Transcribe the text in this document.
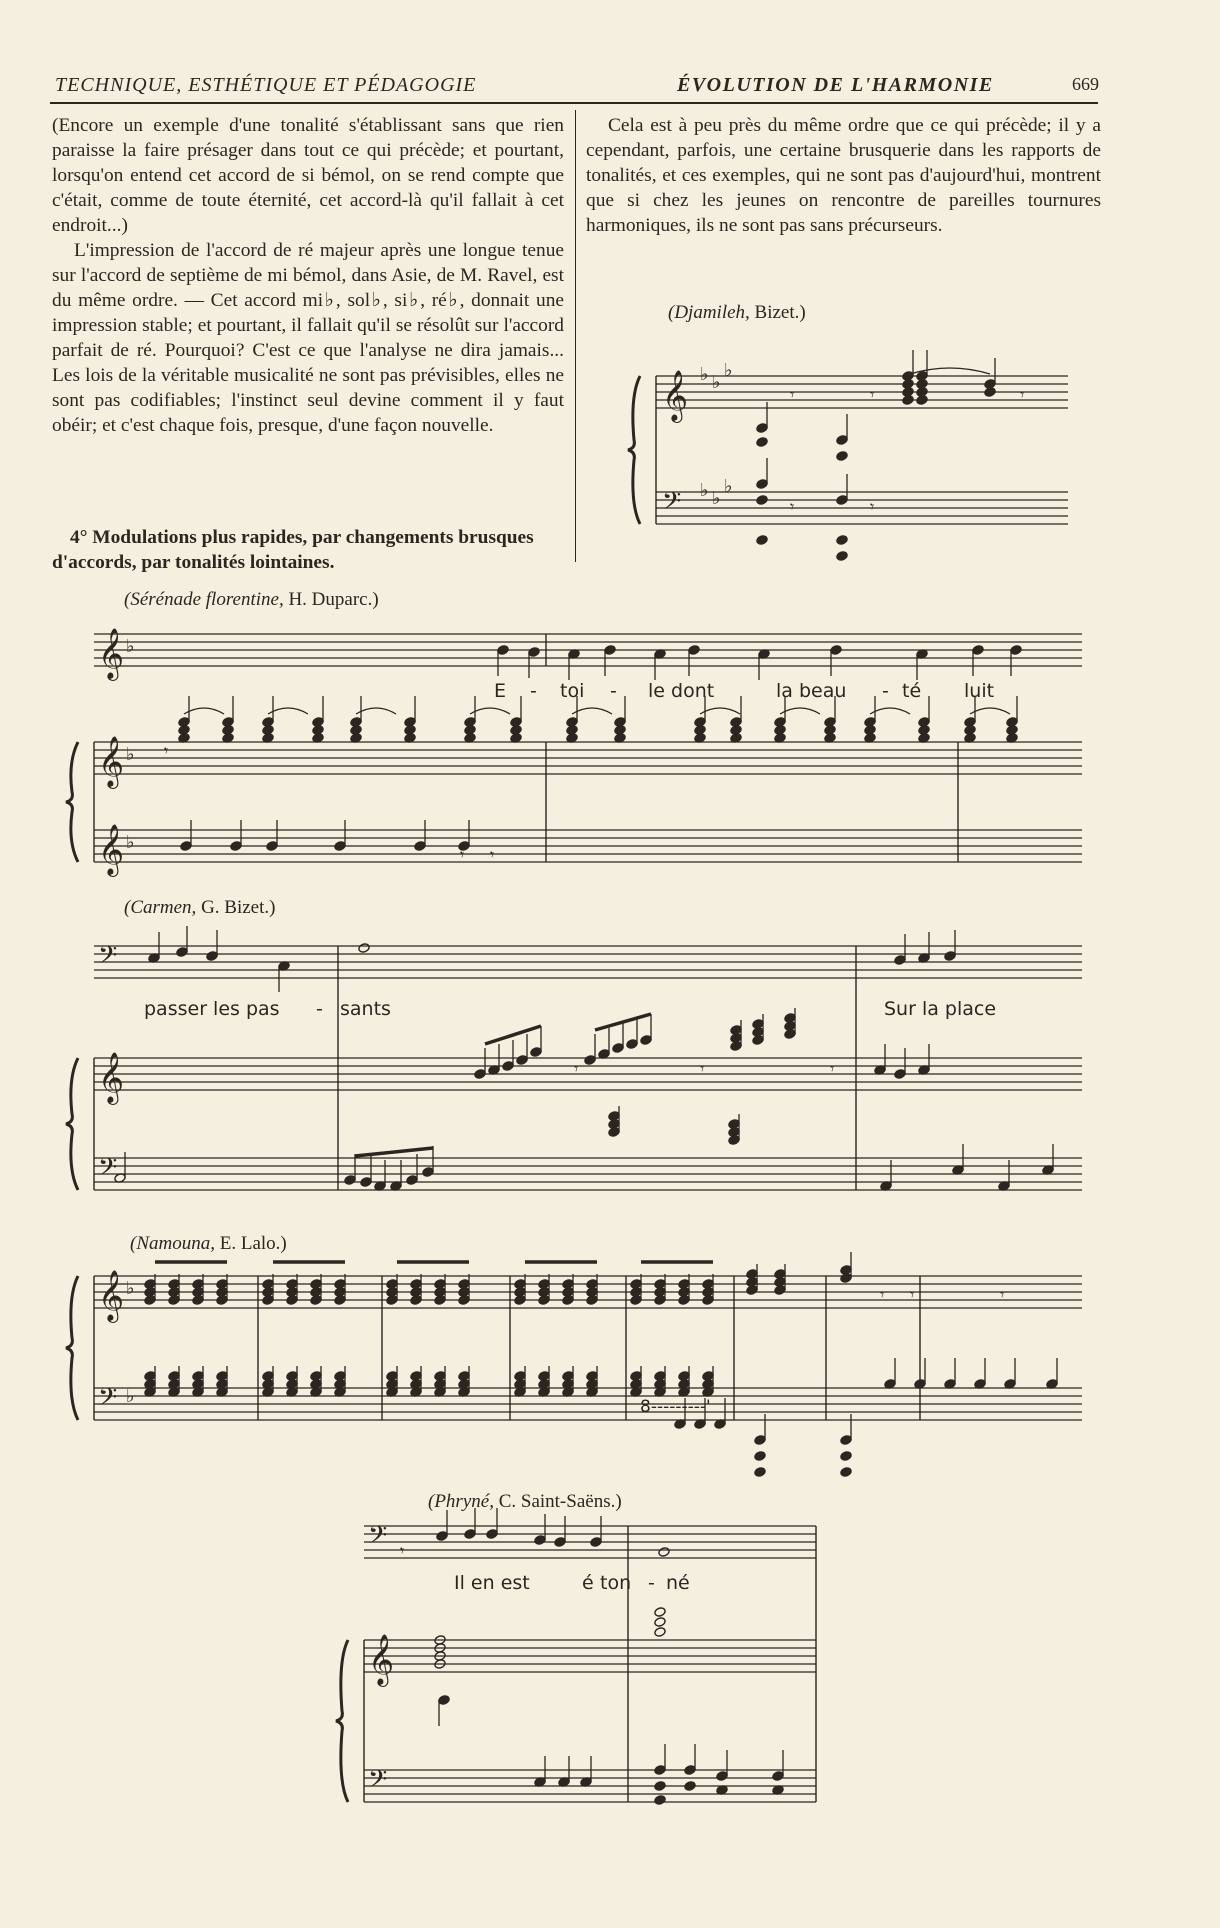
TECHNIQUE, ESTHÉTIQUE ET PÉDAGOGIE	ÉVOLUTION DE L'HARMONIE	669

(Encore un exemple d'une tonalité s'établissant sans que rien paraisse la faire présager dans tout ce qui précède; et pourtant, lorsqu'on entend cet accord de si bémol, on se rend compte que c'était, comme de toute éternité, cet accord-là qu'il fallait à cet endroit...)

L'impression de l'accord de ré majeur après une longue tenue sur l'accord de septième de mi bémol, dans Asie, de M. Ravel, est du même ordre. — Cet accord mi♭, sol♭, si♭, ré♭, donnait une impression stable; et pourtant, il fallait qu'il se résolût sur l'accord parfait de ré. Pourquoi? C'est ce que l'analyse ne dira jamais... Les lois de la véritable musicalité ne sont pas prévisibles, elles ne sont pas codifiables; l'instinct seul devine comment il y faut obéir; et c'est chaque fois, presque, d'une façon nouvelle.

4° Modulations plus rapides, par changements brusques d'accords, par tonalités lointaines.

Cela est à peu près du même ordre que ce qui précède; il y a cependant, parfois, une certaine brusquerie dans les rapports de tonalités, et ces exemples, qui ne sont pas d'aujourd'hui, montrent que si chez les jeunes on rencontre de pareilles tournures harmoniques, ils ne sont pas sans précurseurs.

(Djamileh, Bizet.)
(Sérénade florentine, H. Duparc.)
(Carmen, G. Bizet.)
(Namouna, E. Lalo.)
(Phryné, C. Saint-Saëns.)
E - toi - le dont	la beau - té luit
passer les pas - sants	Sur la place
8---------'
Il en est	é ton - né
𝄞
𝄢
♭
♭
♭
♭
♭
♭
𝄾	𝄾	𝄾
𝄾	𝄾
𝄞 ♭
𝄞 ♭
𝄞 ♭
𝄾
𝄾 𝄾
𝄢
𝄞
𝄢
𝄾	𝄾	𝄾
𝄞 ♭
𝄢 ♭
𝄾 𝄾	𝄾
𝄢
𝄞
𝄢
𝄾
